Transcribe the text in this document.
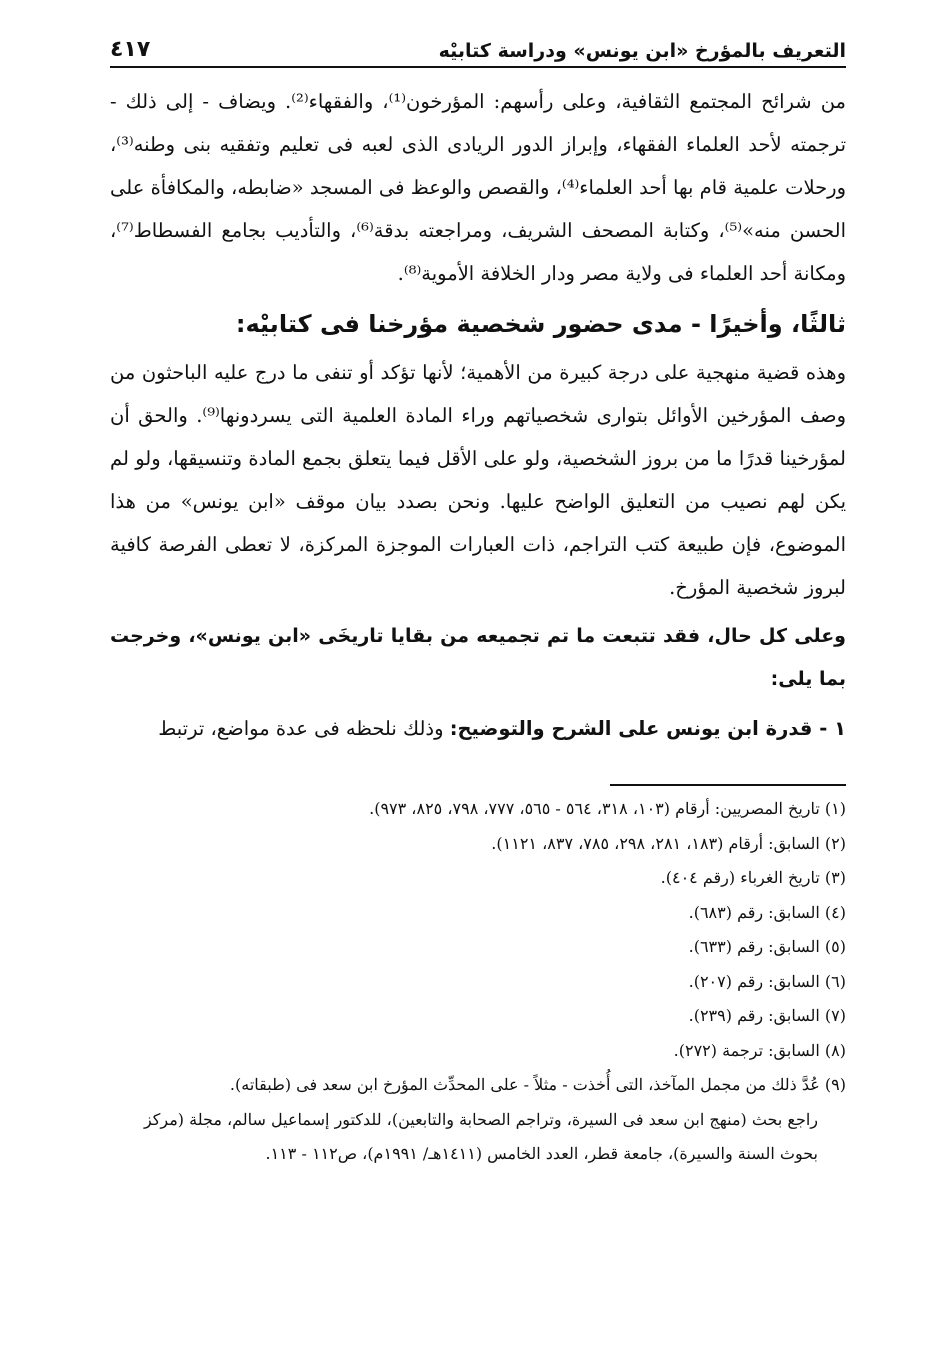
التعريف بالمؤرخ «ابن يونس» ودراسة كتابيْه
٤١٧

من شرائح المجتمع الثقافية، وعلى رأسهم: المؤرخون⁽¹⁾، والفقهاء⁽²⁾. ويضاف - إلى ذلك - ترجمته لأحد العلماء الفقهاء، وإبراز الدور الريادى الذى لعبه فى تعليم وتفقيه بنى وطنه⁽³⁾، ورحلات علمية قام بها أحد العلماء⁽⁴⁾، والقصص والوعظ فى المسجد «ضابطه، والمكافأة على الحسن منه»⁽⁵⁾، وكتابة المصحف الشريف، ومراجعته بدقة⁽⁶⁾، والتأديب بجامع الفسطاط⁽⁷⁾، ومكانة أحد العلماء فى ولاية مصر ودار الخلافة الأموية⁽⁸⁾.

ثالثًا، وأخيرًا - مدى حضور شخصية مؤرخنا فى كتابيْه:

وهذه قضية منهجية على درجة كبيرة من الأهمية؛ لأنها تؤكد أو تنفى ما درج عليه الباحثون من وصف المؤرخين الأوائل بتوارى شخصياتهم وراء المادة العلمية التى يسردونها⁽⁹⁾. والحق أن لمؤرخينا قدرًا ما من بروز الشخصية، ولو على الأقل فيما يتعلق بجمع المادة وتنسيقها، ولو لم يكن لهم نصيب من التعليق الواضح عليها. ونحن بصدد بيان موقف «ابن يونس» من هذا الموضوع، فإن طبيعة كتب التراجم، ذات العبارات الموجزة المركزة، لا تعطى الفرصة كافية لبروز شخصية المؤرخ.

وعلى كل حال، فقد تتبعت ما تم تجميعه من بقايا تاريخَى «ابن يونس»، وخرجت بما يلى:

١ - قدرة ابن يونس على الشرح والتوضيح: وذلك نلحظه فى عدة مواضع، ترتبط

(١) تاريخ المصريين: أرقام (١٠٣، ٣١٨، ٥٦٤ - ٥٦٥، ٧٧٧، ٧٩٨، ٨٢٥، ٩٧٣).

(٢) السابق: أرقام (١٨٣، ٢٨١، ٢٩٨، ٧٨٥، ٨٣٧، ١١٢١).

(٣) تاريخ الغرباء (رقم ٤٠٤).

(٤) السابق: رقم (٦٨٣).

(٥) السابق: رقم (٦٣٣).

(٦) السابق: رقم (٢٠٧).

(٧) السابق: رقم (٢٣٩).

(٨) السابق: ترجمة (٢٧٢).

(٩) عُدَّ ذلك من مجمل المآخذ، التى أُخذت - مثلاً - على المحدِّث المؤرخ ابن سعد فى (طبقاته).

راجع بحث (منهج ابن سعد فى السيرة، وتراجم الصحابة والتابعين)، للدكتور إسماعيل سالم، مجلة (مركز بحوث السنة والسيرة)، جامعة قطر، العدد الخامس (١٤١١هـ/ ١٩٩١م)، ص١١٢ - ١١٣.
